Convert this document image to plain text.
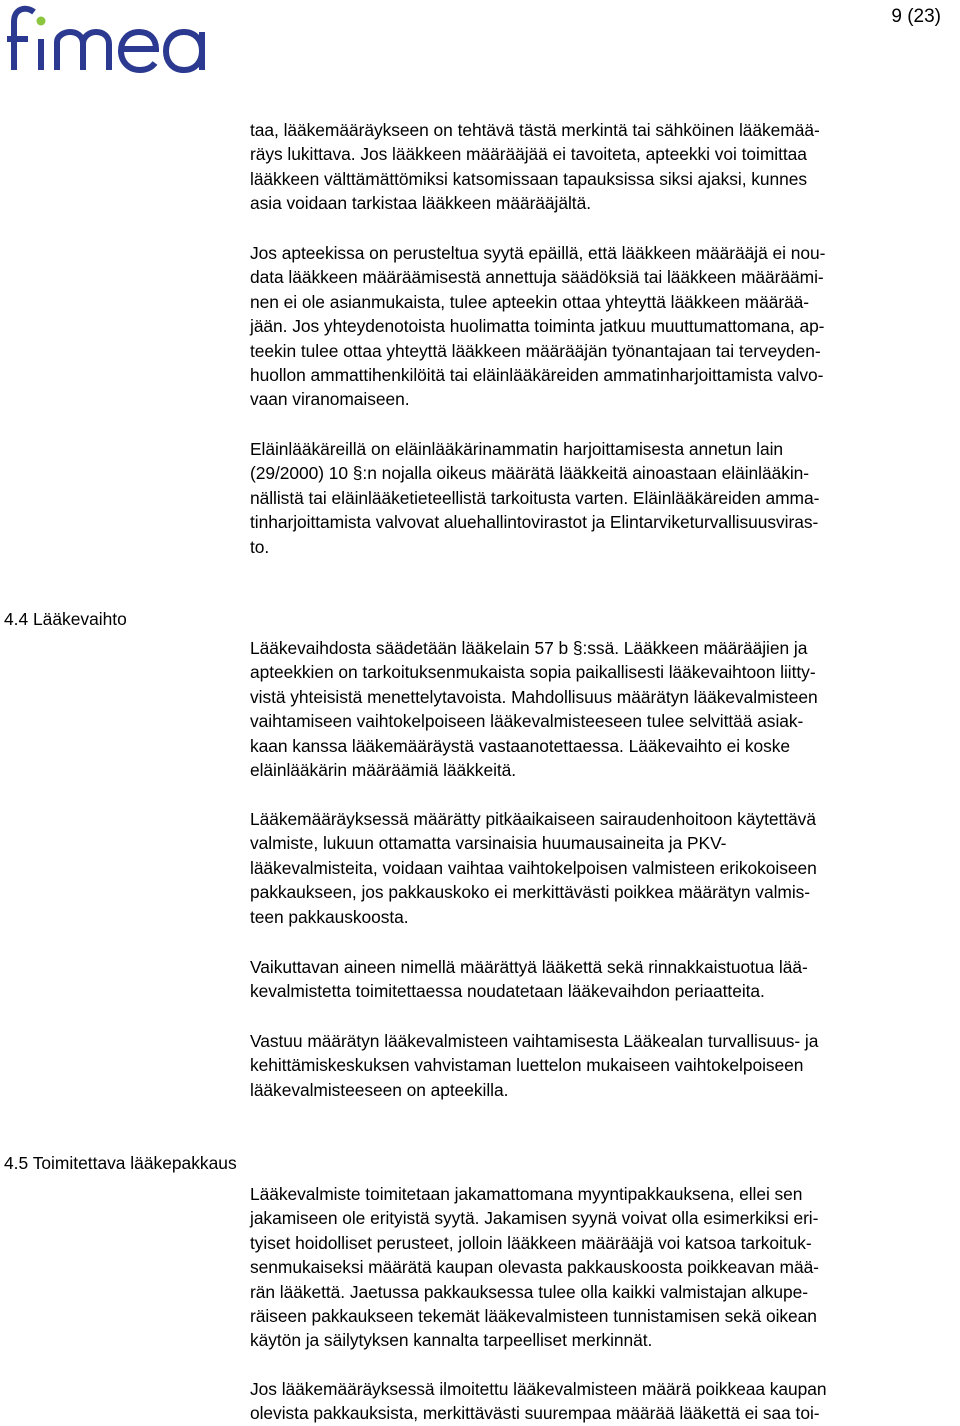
9 (23)

taa, lääkemääräykseen on tehtävä tästä merkintä tai sähköinen lääkemää-
räys lukittava. Jos lääkkeen määrääjää ei tavoiteta, apteekki voi toimittaa
lääkkeen välttämättömiksi katsomissaan tapauksissa siksi ajaksi, kunnes
asia voidaan tarkistaa lääkkeen määrääjältä.

Jos apteekissa on perusteltua syytä epäillä, että lääkkeen määrääjä ei nou-
data lääkkeen määräämisestä annettuja säädöksiä tai lääkkeen määräämi-
nen ei ole asianmukaista, tulee apteekin ottaa yhteyttä lääkkeen määrää-
jään. Jos yhteydenotoista huolimatta toiminta jatkuu muuttumattomana, ap-
teekin tulee ottaa yhteyttä lääkkeen määrääjän työnantajaan tai terveyden-
huollon ammattihenkilöitä tai eläinlääkäreiden ammatinharjoittamista valvo-
vaan viranomaiseen.

Eläinlääkäreillä on eläinlääkärinammatin harjoittamisesta annetun lain
(29/2000) 10 §:n nojalla oikeus määrätä lääkkeitä ainoastaan eläinlääkin-
nällistä tai eläinlääketieteellistä tarkoitusta varten. Eläinlääkäreiden amma-
tinharjoittamista valvovat aluehallintovirastot ja Elintarviketurvallisuusviras-
to.

4.4 Lääkevaihto

Lääkevaihdosta säädetään lääkelain 57 b §:ssä. Lääkkeen määrääjien ja
apteekkien on tarkoituksenmukaista sopia paikallisesti lääkevaihtoon liitty-
vistä yhteisistä menettelytavoista. Mahdollisuus määrätyn lääkevalmisteen
vaihtamiseen vaihtokelpoiseen lääkevalmisteeseen tulee selvittää asiak-
kaan kanssa lääkemääräystä vastaanotettaessa. Lääkevaihto ei koske
eläinlääkärin määräämiä lääkkeitä.

Lääkemääräyksessä määrätty pitkäaikaiseen sairaudenhoitoon käytettävä
valmiste, lukuun ottamatta varsinaisia huumausaineita ja PKV-
lääkevalmisteita, voidaan vaihtaa vaihtokelpoisen valmisteen erikokoiseen
pakkaukseen, jos pakkauskoko ei merkittävästi poikkea määrätyn valmis-
teen pakkauskoosta.

Vaikuttavan aineen nimellä määrättyä lääkettä sekä rinnakkaistuotua lää-
kevalmistetta toimitettaessa noudatetaan lääkevaihdon periaatteita.

Vastuu määrätyn lääkevalmisteen vaihtamisesta Lääkealan turvallisuus- ja
kehittämiskeskuksen vahvistaman luettelon mukaiseen vaihtokelpoiseen
lääkevalmisteeseen on apteekilla.

4.5 Toimitettava lääkepakkaus

Lääkevalmiste toimitetaan jakamattomana myyntipakkauksena, ellei sen
jakamiseen ole erityistä syytä. Jakamisen syynä voivat olla esimerkiksi eri-
tyiset hoidolliset perusteet, jolloin lääkkeen määrääjä voi katsoa tarkoituk-
senmukaiseksi määrätä kaupan olevasta pakkauskoosta poikkeavan mää-
rän lääkettä. Jaetussa pakkauksessa tulee olla kaikki valmistajan alkupe-
räiseen pakkaukseen tekemät lääkevalmisteen tunnistamisen sekä oikean
käytön ja säilytyksen kannalta tarpeelliset merkinnät.

Jos lääkemääräyksessä ilmoitettu lääkevalmisteen määrä poikkeaa kaupan
olevista pakkauksista, merkittävästi suurempaa määrää lääkettä ei saa toi-
